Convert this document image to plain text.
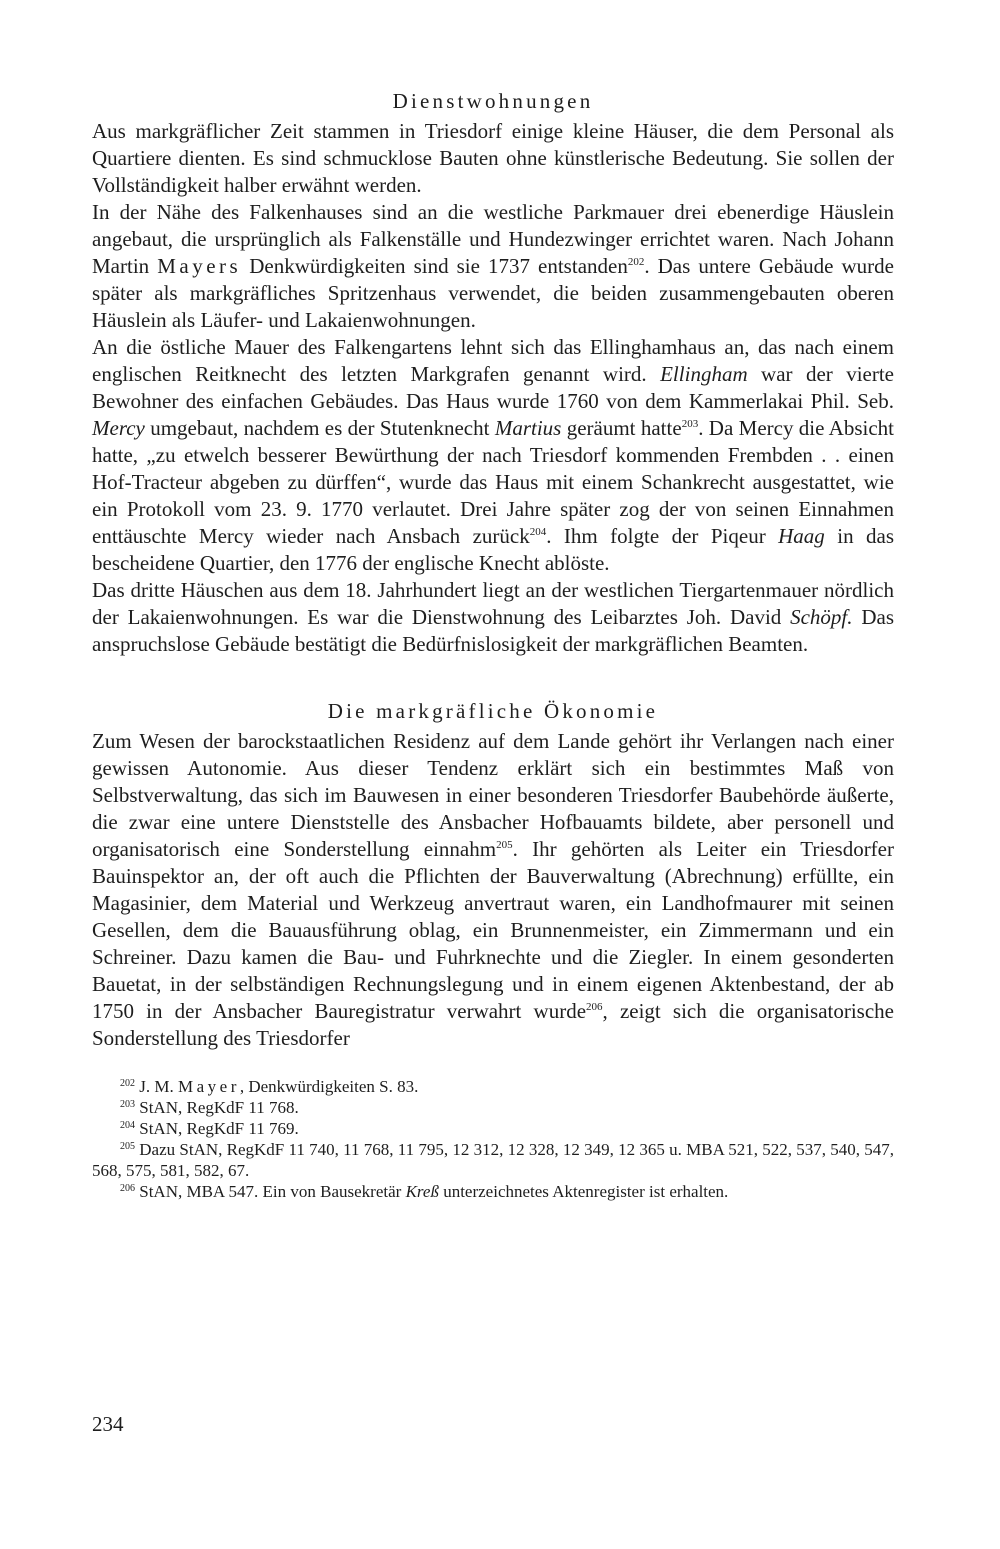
Dienstwohnungen

Aus markgräflicher Zeit stammen in Triesdorf einige kleine Häuser, die dem Personal als Quartiere dienten. Es sind schmucklose Bauten ohne künstlerische Bedeutung. Sie sollen der Vollständigkeit halber erwähnt werden.

In der Nähe des Falkenhauses sind an die westliche Parkmauer drei ebenerdige Häuslein angebaut, die ursprünglich als Falkenställe und Hundezwinger errichtet waren. Nach Johann Martin Mayers Denkwürdigkeiten sind sie 1737 entstanden$^{202}$. Das untere Gebäude wurde später als markgräfliches Spritzenhaus verwendet, die beiden zusammengebauten oberen Häuslein als Läufer- und Lakaienwohnungen.

An die östliche Mauer des Falkengartens lehnt sich das Ellinghamhaus an, das nach einem englischen Reitknecht des letzten Markgrafen genannt wird. Ellingham war der vierte Bewohner des einfachen Gebäudes. Das Haus wurde 1760 von dem Kammerlakai Phil. Seb. Mercy umgebaut, nachdem es der Stutenknecht Martius geräumt hatte$^{203}$. Da Mercy die Absicht hatte, „zu etwelch besserer Bewürthung der nach Triesdorf kommenden Frembden . . einen Hof-Tracteur abgeben zu dürffen“, wurde das Haus mit einem Schankrecht ausgestattet, wie ein Protokoll vom 23. 9. 1770 verlautet. Drei Jahre später zog der von seinen Einnahmen enttäuschte Mercy wieder nach Ansbach zurück$^{204}$. Ihm folgte der Piqeur Haag in das bescheidene Quartier, den 1776 der englische Knecht ablöste.

Das dritte Häuschen aus dem 18. Jahrhundert liegt an der westlichen Tiergartenmauer nördlich der Lakaienwohnungen. Es war die Dienstwohnung des Leibarztes Joh. David Schöpf. Das anspruchslose Gebäude bestätigt die Bedürfnislosigkeit der markgräflichen Beamten.

Die markgräfliche Ökonomie

Zum Wesen der barockstaatlichen Residenz auf dem Lande gehört ihr Verlangen nach einer gewissen Autonomie. Aus dieser Tendenz erklärt sich ein bestimmtes Maß von Selbstverwaltung, das sich im Bauwesen in einer besonderen Triesdorfer Baubehörde äußerte, die zwar eine untere Dienststelle des Ansbacher Hofbauamts bildete, aber personell und organisatorisch eine Sonderstellung einnahm$^{205}$. Ihr gehörten als Leiter ein Triesdorfer Bauinspektor an, der oft auch die Pflichten der Bauverwaltung (Abrechnung) erfüllte, ein Magasinier, dem Material und Werkzeug anvertraut waren, ein Landhofmaurer mit seinen Gesellen, dem die Bauausführung oblag, ein Brunnenmeister, ein Zimmermann und ein Schreiner. Dazu kamen die Bau- und Fuhrknechte und die Ziegler. In einem gesonderten Bauetat, in der selbständigen Rechnungslegung und in einem eigenen Aktenbestand, der ab 1750 in der Ansbacher Bauregistratur verwahrt wurde$^{206}$, zeigt sich die organisatorische Sonderstellung des Triesdorfer

$^{202}$ J. M. Mayer, Denkwürdigkeiten S. 83.

$^{203}$ StAN, RegKdF 11 768.

$^{204}$ StAN, RegKdF 11 769.

$^{205}$ Dazu StAN, RegKdF 11 740, 11 768, 11 795, 12 312, 12 328, 12 349, 12 365 u. MBA 521, 522, 537, 540, 547, 568, 575, 581, 582, 67.

$^{206}$ StAN, MBA 547. Ein von Bausekretär Kreß unterzeichnetes Aktenregister ist erhalten.

234
